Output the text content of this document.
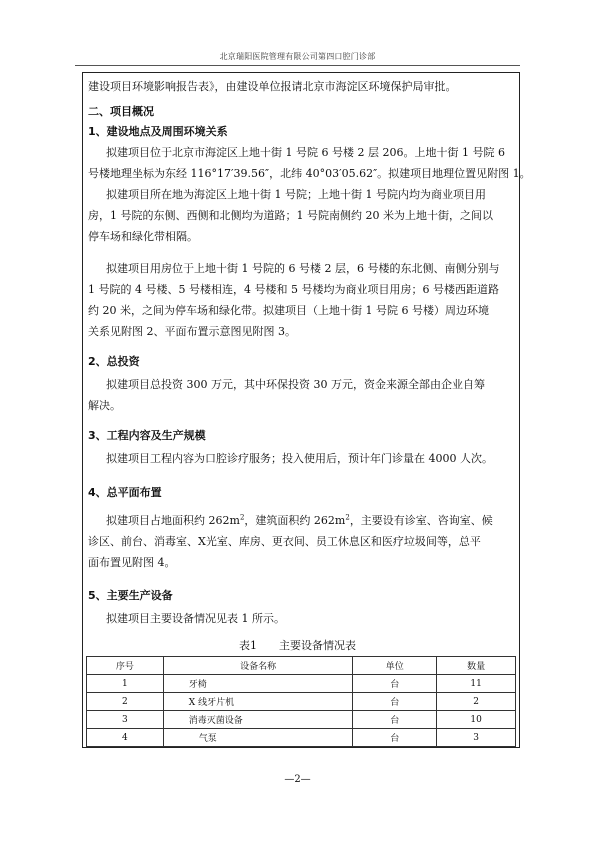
北京瑞阳医院管理有限公司第四口腔门诊部
建设项目环境影响报告表》，由建设单位报请北京市海淀区环境保护局审批。
二、项目概况
1、建设地点及周围环境关系
拟建项目位于北京市海淀区上地十街 1 号院 6 号楼 2 层 206。上地十街 1 号院 6
号楼地理坐标为东经 116°17′39.56″，北纬 40°03′05.62″。拟建项目地理位置见附图 1。
拟建项目所在地为海淀区上地十街 1 号院；上地十街 1 号院内均为商业项目用
房，1 号院的东侧、西侧和北侧均为道路；1 号院南侧约 20 米为上地十街，之间以
停车场和绿化带相隔。
拟建项目用房位于上地十街 1 号院的 6 号楼 2 层，6 号楼的东北侧、南侧分别与
1 号院的 4 号楼、5 号楼相连，4 号楼和 5 号楼均为商业项目用房；6 号楼西距道路
约 20 米，之间为停车场和绿化带。拟建项目（上地十街 1 号院 6 号楼）周边环境
关系见附图 2、平面布置示意图见附图 3。
2、总投资
拟建项目总投资 300 万元，其中环保投资 30 万元，资金来源全部由企业自筹
解决。
3、工程内容及生产规模
拟建项目工程内容为口腔诊疗服务；投入使用后，预计年门诊量在 4000 人次。
4、总平面布置
拟建项目占地面积约 $262m^2$，建筑面积约 $262m^2$，主要设有诊室、咨询室、候
诊区、前台、消毒室、X光室、库房、更衣间、员工休息区和医疗垃圾间等，总平
面布置见附图 4。
5、主要生产设备
拟建项目主要设备情况见表 1 所示。
表1　　主要设备情况表
序号	设备名称	单位	数量
1	牙椅	台	11
2	X 线牙片机	台	2
3	消毒灭菌设备	台	10
4	气泵	台	3
—2—
